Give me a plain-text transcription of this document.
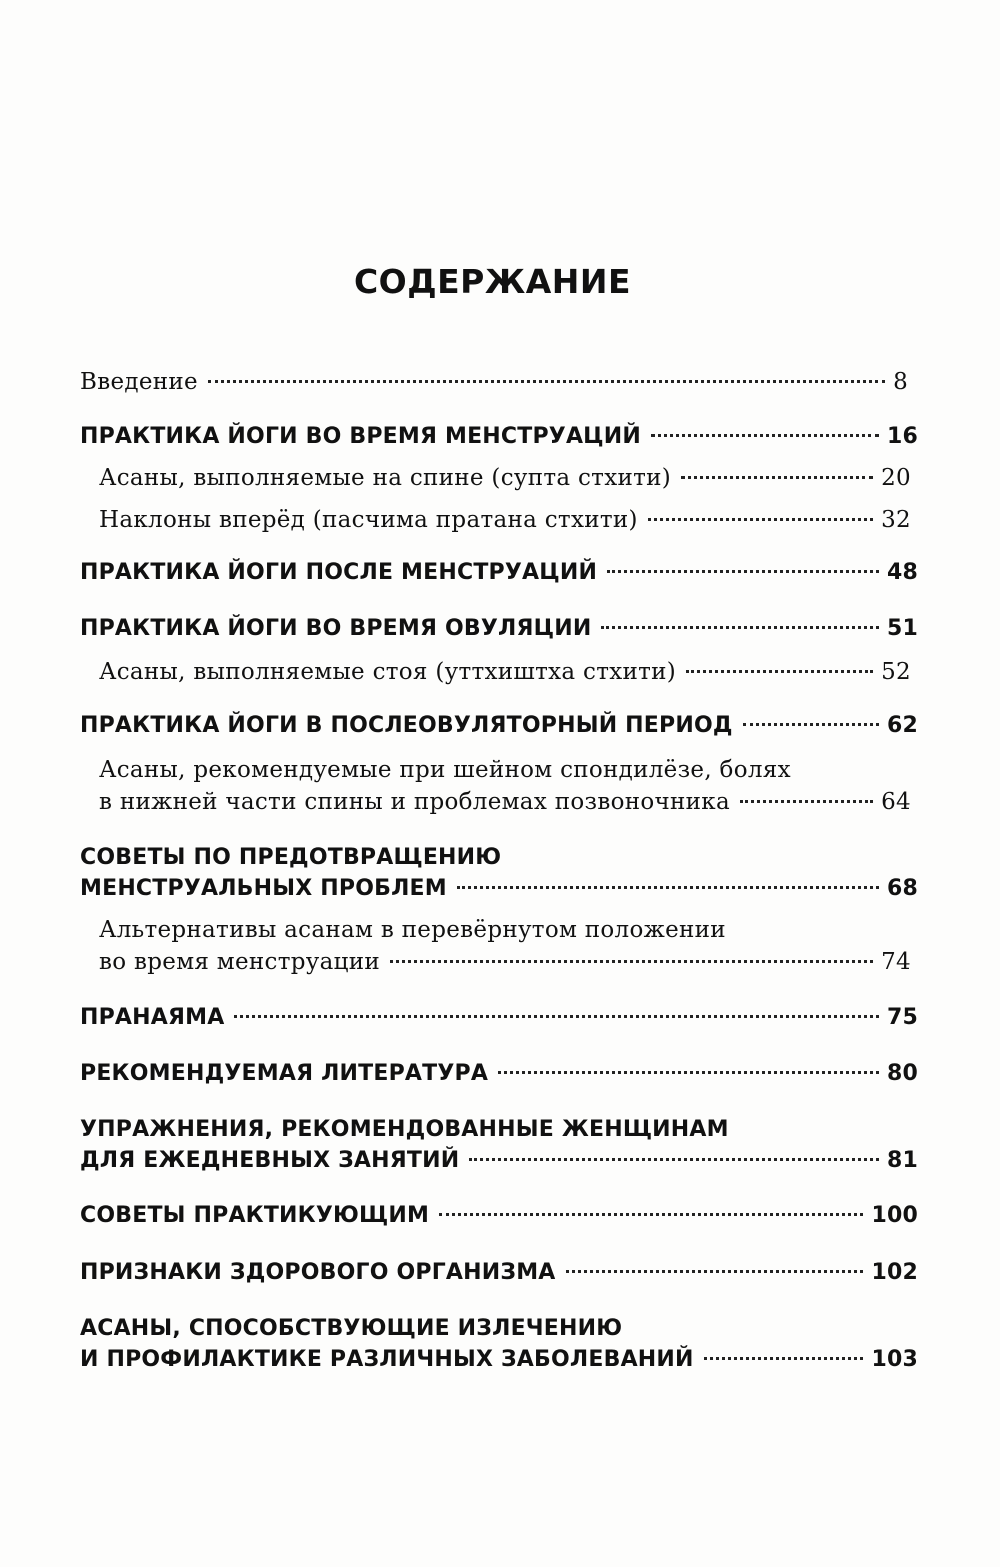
СОДЕРЖАНИЕ
Введение	8
ПРАКТИКА ЙОГИ ВО ВРЕМЯ МЕНСТРУАЦИЙ	16
Асаны, выполняемые на спине (супта стхити)	20
Наклоны вперёд (пасчима пратана стхити)	32
ПРАКТИКА ЙОГИ ПОСЛЕ МЕНСТРУАЦИЙ	48
ПРАКТИКА ЙОГИ ВО ВРЕМЯ ОВУЛЯЦИИ	51
Асаны, выполняемые стоя (уттхиштха стхити)	52
ПРАКТИКА ЙОГИ В ПОСЛЕОВУЛЯТОРНЫЙ ПЕРИОД	62
Асаны, рекомендуемые при шейном спондилёзе, болях
в нижней части спины и проблемах позвоночника	64
СОВЕТЫ ПО ПРЕДОТВРАЩЕНИЮ
МЕНСТРУАЛЬНЫХ ПРОБЛЕМ	68
Альтернативы асанам в перевёрнутом положении
во время менструации	74
ПРАНАЯМА	75
РЕКОМЕНДУЕМАЯ ЛИТЕРАТУРА	80
УПРАЖНЕНИЯ, РЕКОМЕНДОВАННЫЕ ЖЕНЩИНАМ
ДЛЯ ЕЖЕДНЕВНЫХ ЗАНЯТИЙ	81
СОВЕТЫ ПРАКТИКУЮЩИМ	100
ПРИЗНАКИ ЗДОРОВОГО ОРГАНИЗМА	102
АСАНЫ, СПОСОБСТВУЮЩИЕ ИЗЛЕЧЕНИЮ
И ПРОФИЛАКТИКЕ РАЗЛИЧНЫХ ЗАБОЛЕВАНИЙ	103
